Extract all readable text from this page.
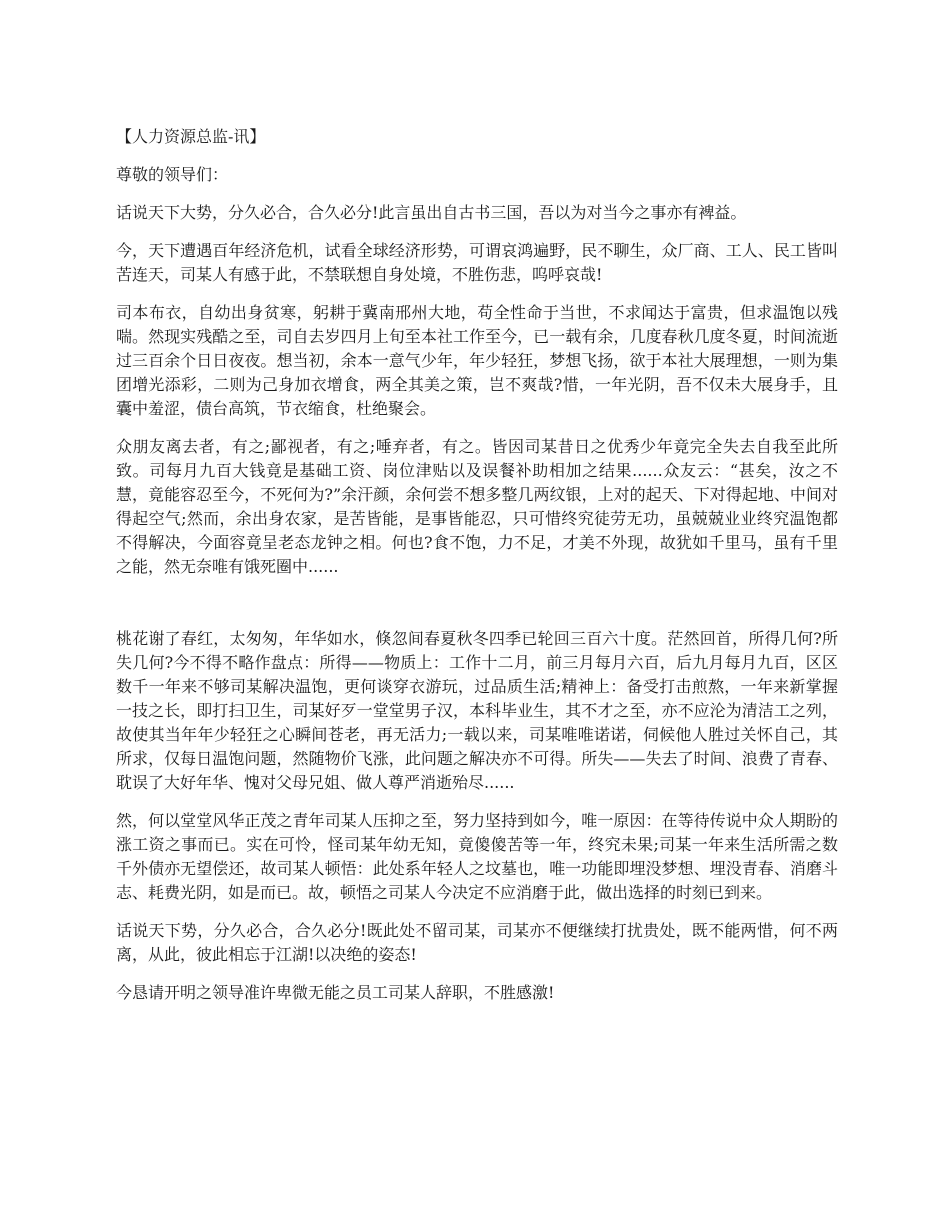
【人力资源总监-讯】

尊敬的领导们：

话说天下大势，分久必合，合久必分!此言虽出自古书三国，吾以为对当今之事亦有裨益。

今，天下遭遇百年经济危机，试看全球经济形势，可谓哀鸿遍野，民不聊生，众厂商、工人、民工皆叫苦连天，司某人有感于此，不禁联想自身处境，不胜伤悲，呜呼哀哉!

司本布衣，自幼出身贫寒，躬耕于冀南邢州大地，苟全性命于当世，不求闻达于富贵，但求温饱以残喘。然现实残酷之至，司自去岁四月上旬至本社工作至今，已一载有余，几度春秋几度冬夏，时间流逝过三百余个日日夜夜。想当初，余本一意气少年，年少轻狂，梦想飞扬，欲于本社大展理想，一则为集团增光添彩，二则为己身加衣增食，两全其美之策，岂不爽哉?惜，一年光阴，吾不仅未大展身手，且囊中羞涩，债台高筑，节衣缩食，杜绝聚会。

众朋友离去者，有之;鄙视者，有之;唾弃者，有之。皆因司某昔日之优秀少年竟完全失去自我至此所致。司每月九百大钱竟是基础工资、岗位津贴以及误餐补助相加之结果......众友云：“甚矣，汝之不慧，竟能容忍至今，不死何为?”余汗颜，余何尝不想多整几两纹银，上对的起天、下对得起地、中间对得起空气;然而，余出身农家，是苦皆能，是事皆能忍，只可惜终究徒劳无功，虽兢兢业业终究温饱都不得解决，今面容竟呈老态龙钟之相。何也?食不饱，力不足，才美不外现，故犹如千里马，虽有千里之能，然无奈唯有饿死圈中......

桃花谢了春红，太匆匆，年华如水，倏忽间春夏秋冬四季已轮回三百六十度。茫然回首，所得几何?所失几何?今不得不略作盘点：所得——物质上：工作十二月，前三月每月六百，后九月每月九百，区区数千一年来不够司某解决温饱，更何谈穿衣游玩，过品质生活;精神上：备受打击煎熬，一年来新掌握一技之长，即打扫卫生，司某好歹一堂堂男子汉，本科毕业生，其不才之至，亦不应沦为清洁工之列，故使其当年年少轻狂之心瞬间苍老，再无活力;一载以来，司某唯唯诺诺，伺候他人胜过关怀自己，其所求，仅每日温饱问题，然随物价飞涨，此问题之解决亦不可得。所失——失去了时间、浪费了青春、耽误了大好年华、愧对父母兄姐、做人尊严消逝殆尽......

然，何以堂堂风华正茂之青年司某人压抑之至，努力坚持到如今，唯一原因：在等待传说中众人期盼的涨工资之事而已。实在可怜，怪司某年幼无知，竟傻傻苦等一年，终究未果;司某一年来生活所需之数千外债亦无望偿还，故司某人顿悟：此处系年轻人之坟墓也，唯一功能即埋没梦想、埋没青春、消磨斗志、耗费光阴，如是而已。故，顿悟之司某人今决定不应消磨于此，做出选择的时刻已到来。

话说天下势，分久必合，合久必分!既此处不留司某，司某亦不便继续打扰贵处，既不能两惜，何不两离，从此，彼此相忘于江湖!以决绝的姿态!

今恳请开明之领导准许卑微无能之员工司某人辞职，不胜感激!
